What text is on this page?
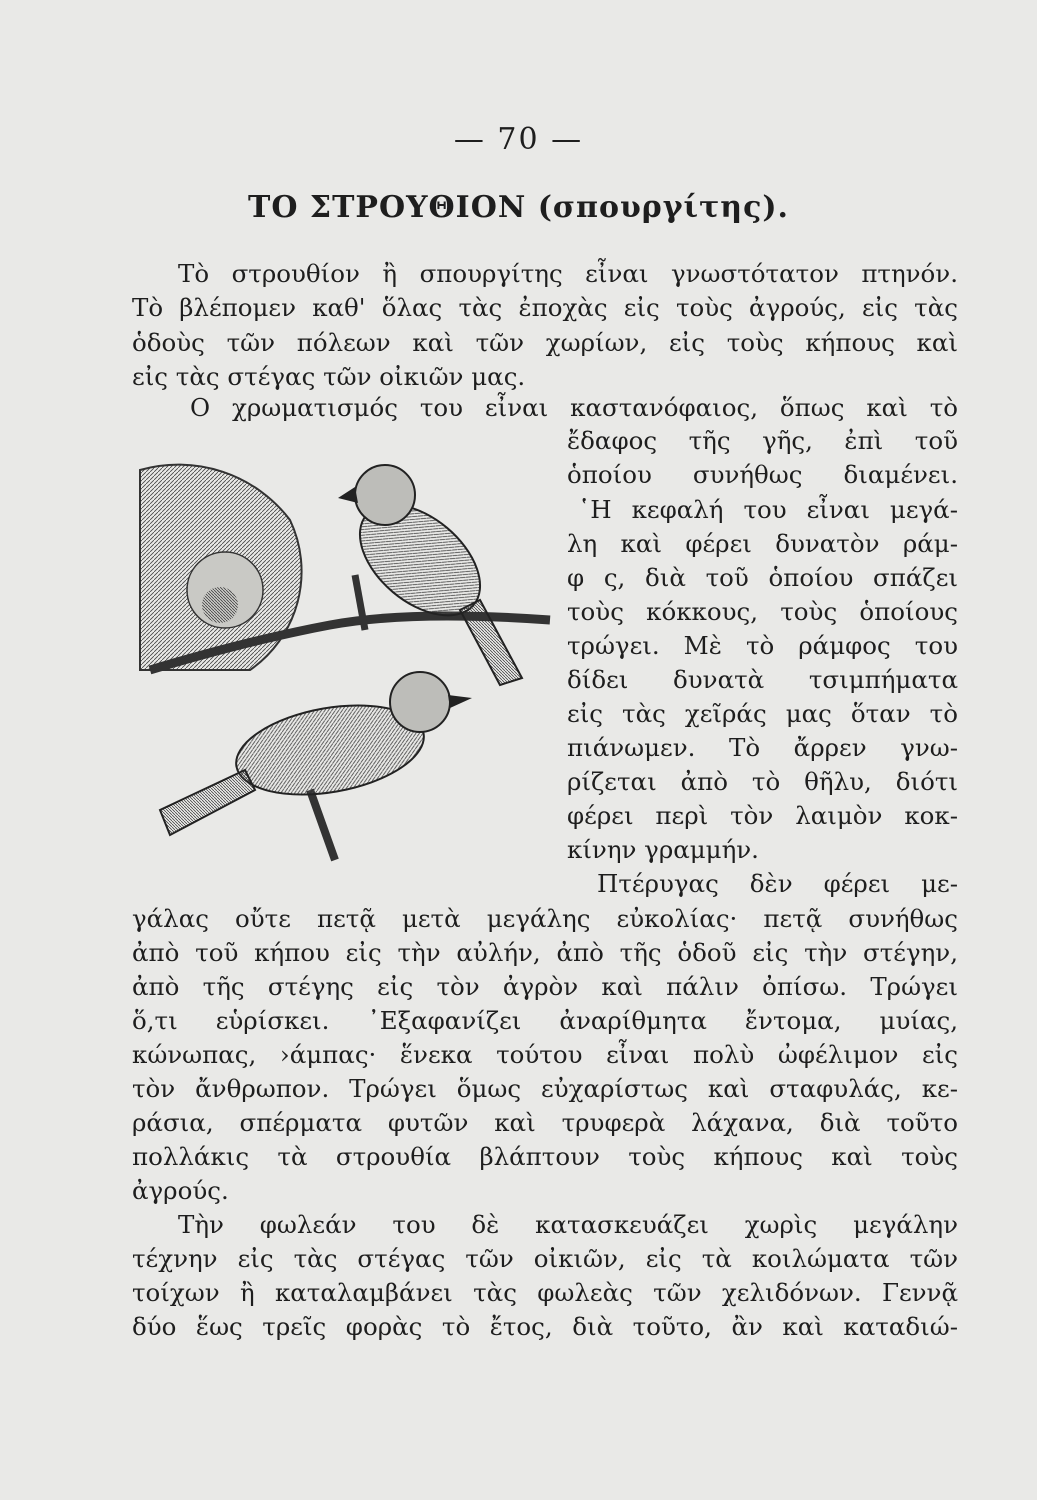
— 70 —
ΤΟ ΣΤΡΟΥΘΙΟΝ (σπουργίτης).
Τὸ στρουθίον ἢ σπουργίτης εἶναι γνωστότατον πτηνόν.
Τὸ βλέπομεν καθ' ὅλας τὰς ἐποχὰς εἰς τοὺς ἀγρούς, εἰς τὰς
ὁδοὺς τῶν πόλεων καὶ τῶν χωρίων, εἰς τοὺς κήπους καὶ
εἰς τὰς στέγας τῶν οἰκιῶν μας.
Ο χρωματισμός του εἶναι καστανόφαιος, ὅπως καὶ τὸ
ἔδαφος τῆς γῆς, ἐπὶ τοῦ
ὁποίου συνήθως διαμένει.
῾Η κεφαλή του εἶναι μεγά-
λη καὶ φέρει δυνατὸν ράμ-
φ ς, διὰ τοῦ ὁποίου σπάζει
τοὺς κόκκους, τοὺς ὁποίους
τρώγει. Μὲ τὸ ράμφος του
δίδει δυνατὰ τσιμπήματα
εἰς τὰς χεῖράς μας ὅταν τὸ
πιάνωμεν. Τὸ ἄρρεν γνω-
ρίζεται ἀπὸ τὸ θῆλυ, διότι
φέρει περὶ τὸν λαιμὸν κοκ-
κίνην γραμμήν.
Πτέρυγας δὲν φέρει με-
γάλας οὔτε πετᾷ μετὰ μεγάλης εὐκολίας· πετᾷ συνήθως
ἀπὸ τοῦ κήπου εἰς τὴν αὐλήν, ἀπὸ τῆς ὁδοῦ εἰς τὴν στέγην,
ἀπὸ τῆς στέγης εἰς τὸν ἀγρὸν καὶ πάλιν ὀπίσω. Τρώγει
ὅ,τι εὑρίσκει. ᾽Εξαφανίζει ἀναρίθμητα ἔντομα, μυίας,
κώνωπας, ›άμπας· ἕνεκα τούτου εἶναι πολὺ ὠφέλιμον εἰς
τὸν ἄνθρωπον. Τρώγει ὅμως εὐχαρίστως καὶ σταφυλάς, κε-
ράσια, σπέρματα φυτῶν καὶ τρυφερὰ λάχανα, διὰ τοῦτο
πολλάκις τὰ στρουθία βλάπτουν τοὺς κήπους καὶ τοὺς
ἀγρούς.
Τὴν φωλεάν του δὲ κατασκευάζει χωρὶς μεγάλην
τέχνην εἰς τὰς στέγας τῶν οἰκιῶν, εἰς τὰ κοιλώματα τῶν
τοίχων ἢ καταλαμβάνει τὰς φωλεὰς τῶν χελιδόνων. Γεννᾷ
δύο ἕως τρεῖς φορὰς τὸ ἔτος, διὰ τοῦτο, ἂν καὶ καταδιώ-
